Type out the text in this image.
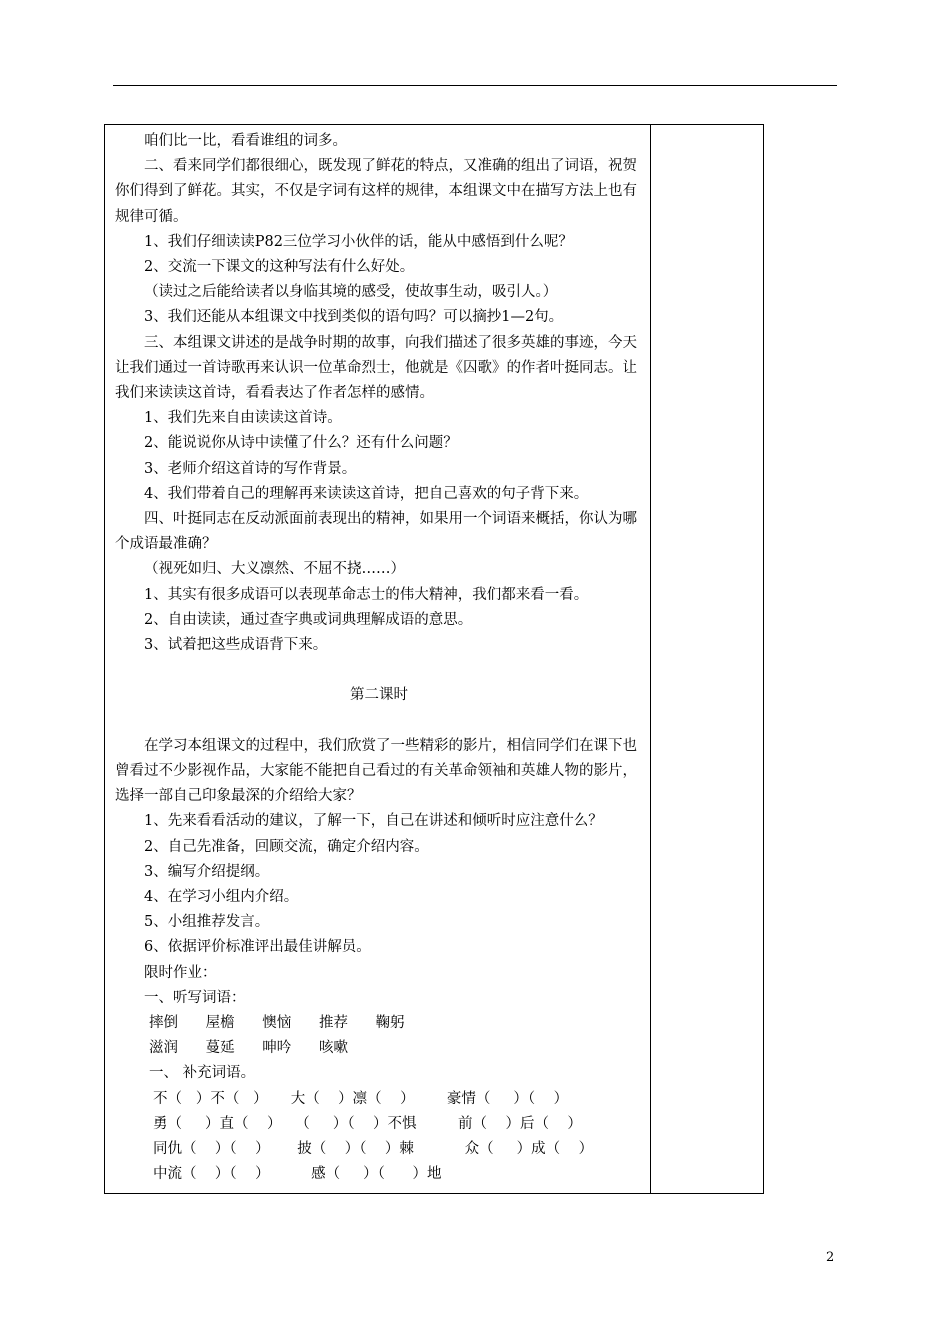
咱们比一比，看看谁组的词多。

二、看来同学们都很细心，既发现了鲜花的特点，又准确的组出了词语，祝贺你们得到了鲜花。其实，不仅是字词有这样的规律，本组课文中在描写方法上也有规律可循。

1、我们仔细读读P82三位学习小伙伴的话，能从中感悟到什么呢？

2、交流一下课文的这种写法有什么好处。

（读过之后能给读者以身临其境的感受，使故事生动，吸引人。）

3、我们还能从本组课文中找到类似的语句吗？可以摘抄1—2句。

三、本组课文讲述的是战争时期的故事，向我们描述了很多英雄的事迹，今天让我们通过一首诗歌再来认识一位革命烈士，他就是《囚歌》的作者叶挺同志。让我们来读读这首诗，看看表达了作者怎样的感情。

1、我们先来自由读读这首诗。

2、能说说你从诗中读懂了什么？还有什么问题？

3、老师介绍这首诗的写作背景。

4、我们带着自己的理解再来读读这首诗，把自己喜欢的句子背下来。

四、叶挺同志在反动派面前表现出的精神，如果用一个词语来概括，你认为哪个成语最准确？

（视死如归、大义凛然、不屈不挠……）

1、其实有很多成语可以表现革命志士的伟大精神，我们都来看一看。

2、自由读读，通过查字典或词典理解成语的意思。

3、试着把这些成语背下来。

第二课时

在学习本组课文的过程中，我们欣赏了一些精彩的影片，相信同学们在课下也曾看过不少影视作品，大家能不能把自己看过的有关革命领袖和英雄人物的影片，选择一部自己印象最深的介绍给大家？

1、先来看看活动的建议，了解一下，自己在讲述和倾听时应注意什么？

2、自己先准备，回顾交流，确定介绍内容。

3、编写介绍提纲。

4、在学习小组内介绍。

5、小组推荐发言。

6、依据评价标准评出最佳讲解员。

限时作业：

一、听写词语：

摔倒      屋檐      懊恼      推荐      鞠躬
滋润      蔓延      呻吟      咳嗽

一、 补充词语。

不（   ）不（   ）     大（    ）凛（    ）       豪情（     ）（    ）
勇（     ）直（    ）   （     ）（    ）不惧         前（    ）后（    ）
同仇（    ）（    ）      披（    ）（    ）棘           众（     ）成（    ）
中流（    ）（    ）         感（     ）（      ）地
2
